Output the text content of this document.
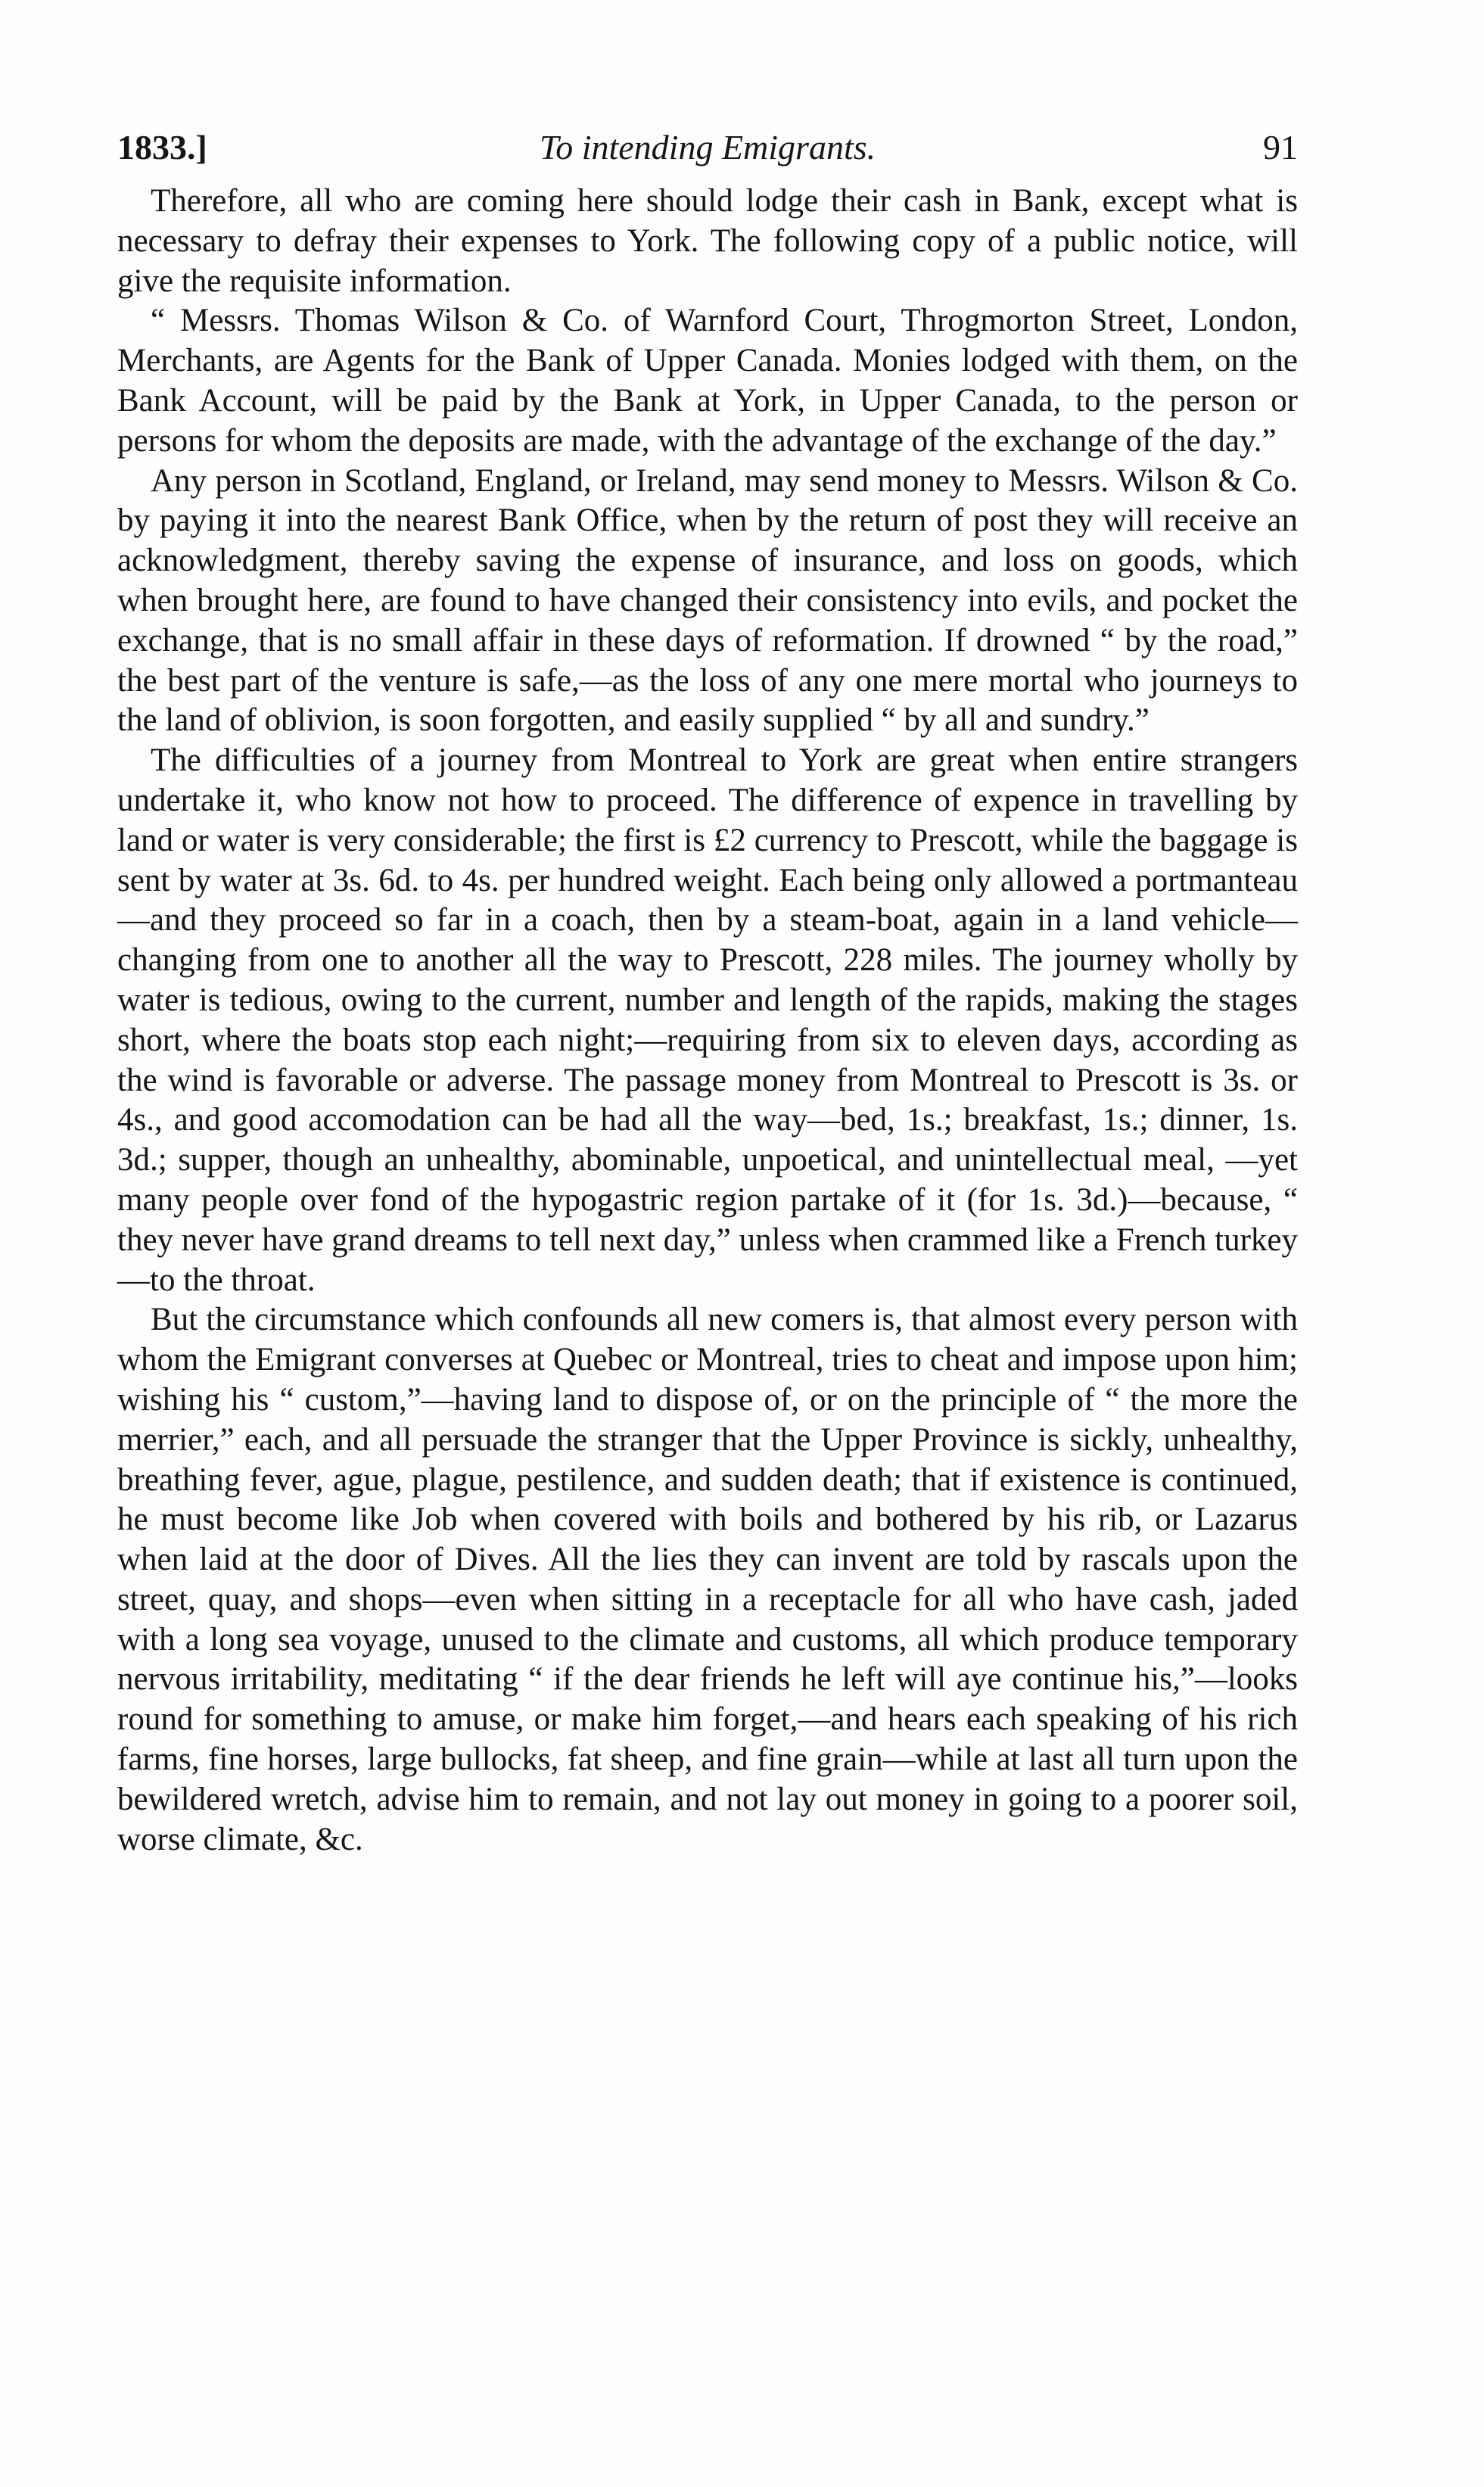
1833.]	To intending Emigrants.	91

Therefore, all who are coming here should lodge their cash in Bank, except what is necessary to defray their expenses to York. The following copy of a public notice, will give the requisite information.

“ Messrs. Thomas Wilson & Co. of Warnford Court, Throgmorton Street, London, Merchants, are Agents for the Bank of Upper Canada. Monies lodged with them, on the Bank Account, will be paid by the Bank at York, in Upper Canada, to the person or persons for whom the deposits are made, with the advantage of the exchange of the day.”

Any person in Scotland, England, or Ireland, may send money to Messrs. Wilson & Co. by paying it into the nearest Bank Office, when by the return of post they will receive an acknowledgment, thereby saving the expense of insurance, and loss on goods, which when brought here, are found to have changed their consistency into evils, and pocket the exchange, that is no small affair in these days of reformation. If drowned “ by the road,” the best part of the venture is safe,—as the loss of any one mere mortal who journeys to the land of oblivion, is soon forgotten, and easily supplied “ by all and sundry.”

The difficulties of a journey from Montreal to York are great when entire strangers undertake it, who know not how to proceed. The difference of expence in travelling by land or water is very considerable; the first is £2 currency to Prescott, while the baggage is sent by water at 3s. 6d. to 4s. per hundred weight. Each being only allowed a portmanteau—and they proceed so far in a coach, then by a steam-boat, again in a land vehicle—changing from one to another all the way to Prescott, 228 miles. The journey wholly by water is tedious, owing to the current, number and length of the rapids, making the stages short, where the boats stop each night;—requiring from six to eleven days, according as the wind is favorable or adverse. The passage money from Montreal to Prescott is 3s. or 4s., and good accomodation can be had all the way—bed, 1s.; breakfast, 1s.; dinner, 1s. 3d.; supper, though an unhealthy, abominable, unpoetical, and unintellectual meal, —yet many people over fond of the hypogastric region partake of it (for 1s. 3d.)—because, “ they never have grand dreams to tell next day,” unless when crammed like a French turkey—to the throat.

But the circumstance which confounds all new comers is, that almost every person with whom the Emigrant converses at Quebec or Montreal, tries to cheat and impose upon him; wishing his “ custom,”—having land to dispose of, or on the principle of “ the more the merrier,” each, and all persuade the stranger that the Upper Province is sickly, unhealthy, breathing fever, ague, plague, pestilence, and sudden death; that if existence is continued, he must become like Job when covered with boils and bothered by his rib, or Lazarus when laid at the door of Dives. All the lies they can invent are told by rascals upon the street, quay, and shops—even when sitting in a receptacle for all who have cash, jaded with a long sea voyage, unused to the climate and customs, all which produce temporary nervous irritability, meditating “ if the dear friends he left will aye continue his,”—looks round for something to amuse, or make him forget,—and hears each speaking of his rich farms, fine horses, large bullocks, fat sheep, and fine grain—while at last all turn upon the bewildered wretch, advise him to remain, and not lay out money in going to a poorer soil, worse climate, &c.
